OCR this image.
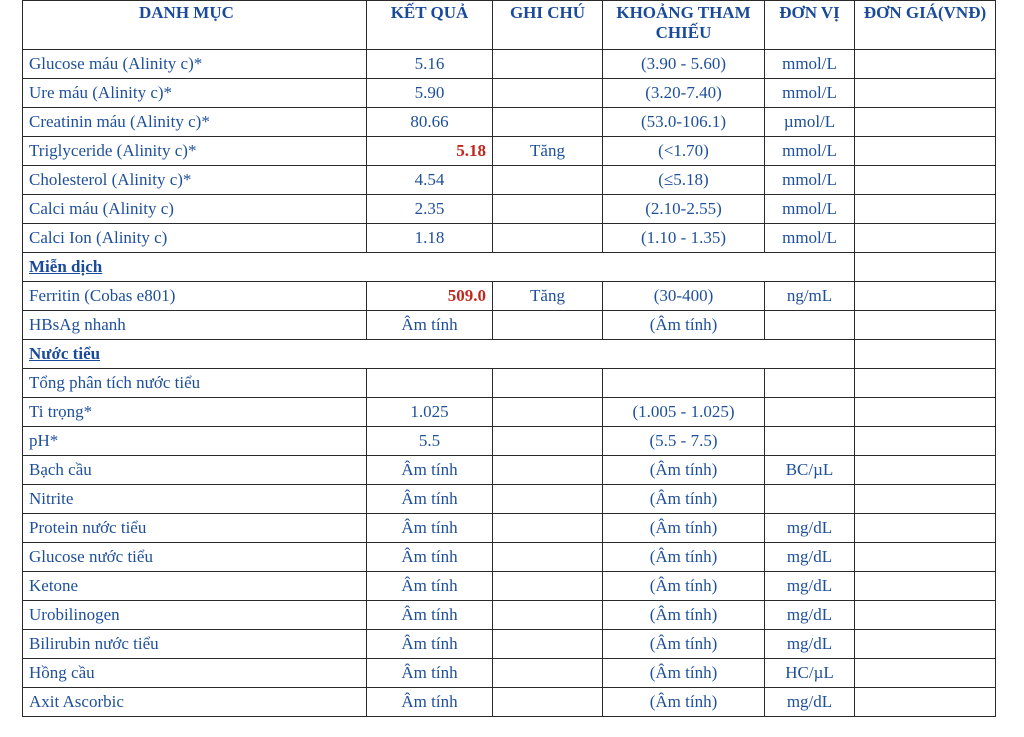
DANH MỤC	KẾT QUẢ	GHI CHÚ	KHOẢNG THAM CHIẾU	ĐƠN VỊ	ĐƠN GIÁ(VNĐ)
Glucose máu (Alinity c)*	5.16		(3.90 - 5.60)	mmol/L	
Ure máu (Alinity c)*	5.90		(3.20-7.40)	mmol/L	
Creatinin máu (Alinity c)*	80.66		(53.0-106.1)	µmol/L	
Triglyceride (Alinity c)*	5.18	Tăng	(<1.70)	mmol/L	
Cholesterol (Alinity c)*	4.54		(≤5.18)	mmol/L	
Calci máu (Alinity c)	2.35		(2.10-2.55)	mmol/L	
Calci Ion (Alinity c)	1.18		(1.10 - 1.35)	mmol/L	
Miễn dịch					
Ferritin (Cobas e801)	509.0	Tăng	(30-400)	ng/mL	
HBsAg nhanh	Âm tính		(Âm tính)		
Nước tiểu					
Tổng phân tích nước tiểu					
Ti trọng*	1.025		(1.005 - 1.025)		
pH*	5.5		(5.5 - 7.5)		
Bạch cầu	Âm tính		(Âm tính)	BC/µL	
Nitrite	Âm tính		(Âm tính)		
Protein nước tiểu	Âm tính		(Âm tính)	mg/dL	
Glucose nước tiểu	Âm tính		(Âm tính)	mg/dL	
Ketone	Âm tính		(Âm tính)	mg/dL	
Urobilinogen	Âm tính		(Âm tính)	mg/dL	
Bilirubin nước tiểu	Âm tính		(Âm tính)	mg/dL	
Hồng cầu	Âm tính		(Âm tính)	HC/µL	
Axit Ascorbic	Âm tính		(Âm tính)	mg/dL	
